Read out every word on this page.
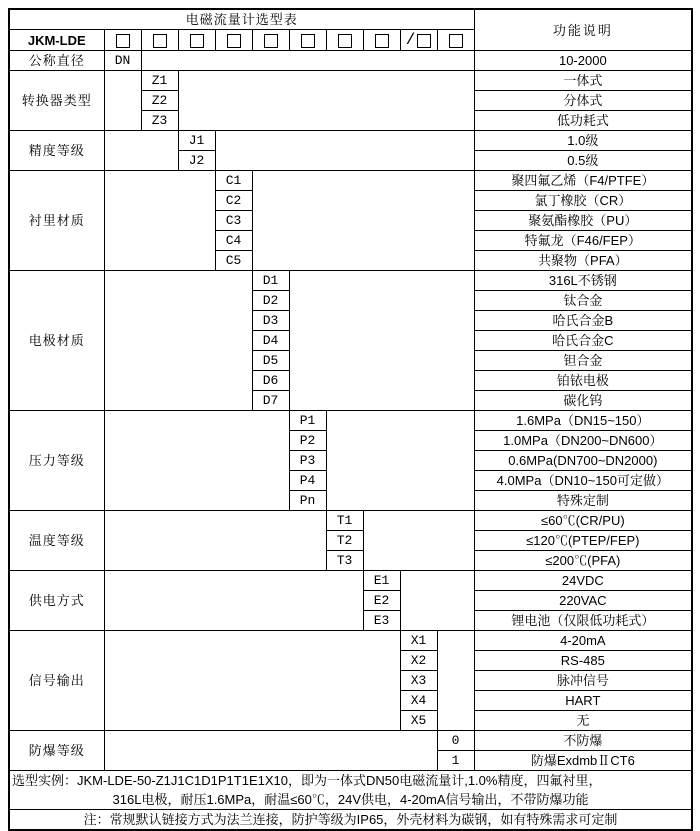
电磁流量计选型表											功能说明
JKM-LDE									/		
公称直径	DN										10-2000
转换器类型		Z1									一体式
		Z2									分体式
		Z3									低功耗式
精度等级			J1								1.0级
			J2								0.5级
衬里材质				C1							聚四氟乙烯（F4/PTFE）
				C2							氯丁橡胶（CR）
				C3							聚氨酯橡胶（PU）
				C4							特氟龙（F46/FEP）
				C5							共聚物（PFA）
电极材质					D1						316L不锈钢
					D2						钛合金
					D3						哈氏合金B
					D4						哈氏合金C
					D5						钽合金
					D6						铂铱电极
					D7						碳化钨
压力等级						P1					1.6MPa（DN15~150）
						P2					1.0MPa（DN200~DN600）
						P3					0.6MPa(DN700~DN2000)
						P4					4.0MPa（DN10~150可定做）
						Pn					特殊定制
温度等级							T1				≤60℃(CR/PU)
							T2				≤120℃(PTEP/FEP)
							T3				≤200℃(PFA)
供电方式								E1			24VDC
								E2			220VAC
								E3			锂电池（仅限低功耗式）
信号输出									X1		4-20mA
									X2		RS-485
									X3		脉冲信号
									X4		HART
									X5		无
防爆等级										0	不防爆
										1	防爆ExdmbⅡCT6

选型实例：JKM-LDE-50-Z1J1C1D1P1T1E1X10，即为一体式DN50电磁流量计,1.0%精度，四氟衬里，
316L电极，耐压1.6MPa，耐温≤60℃，24V供电，4-20mA信号输出，不带防爆功能											

注：常规默认链接方式为法兰连接，防护等级为IP65，外壳材料为碳钢，如有特殊需求可定制											
